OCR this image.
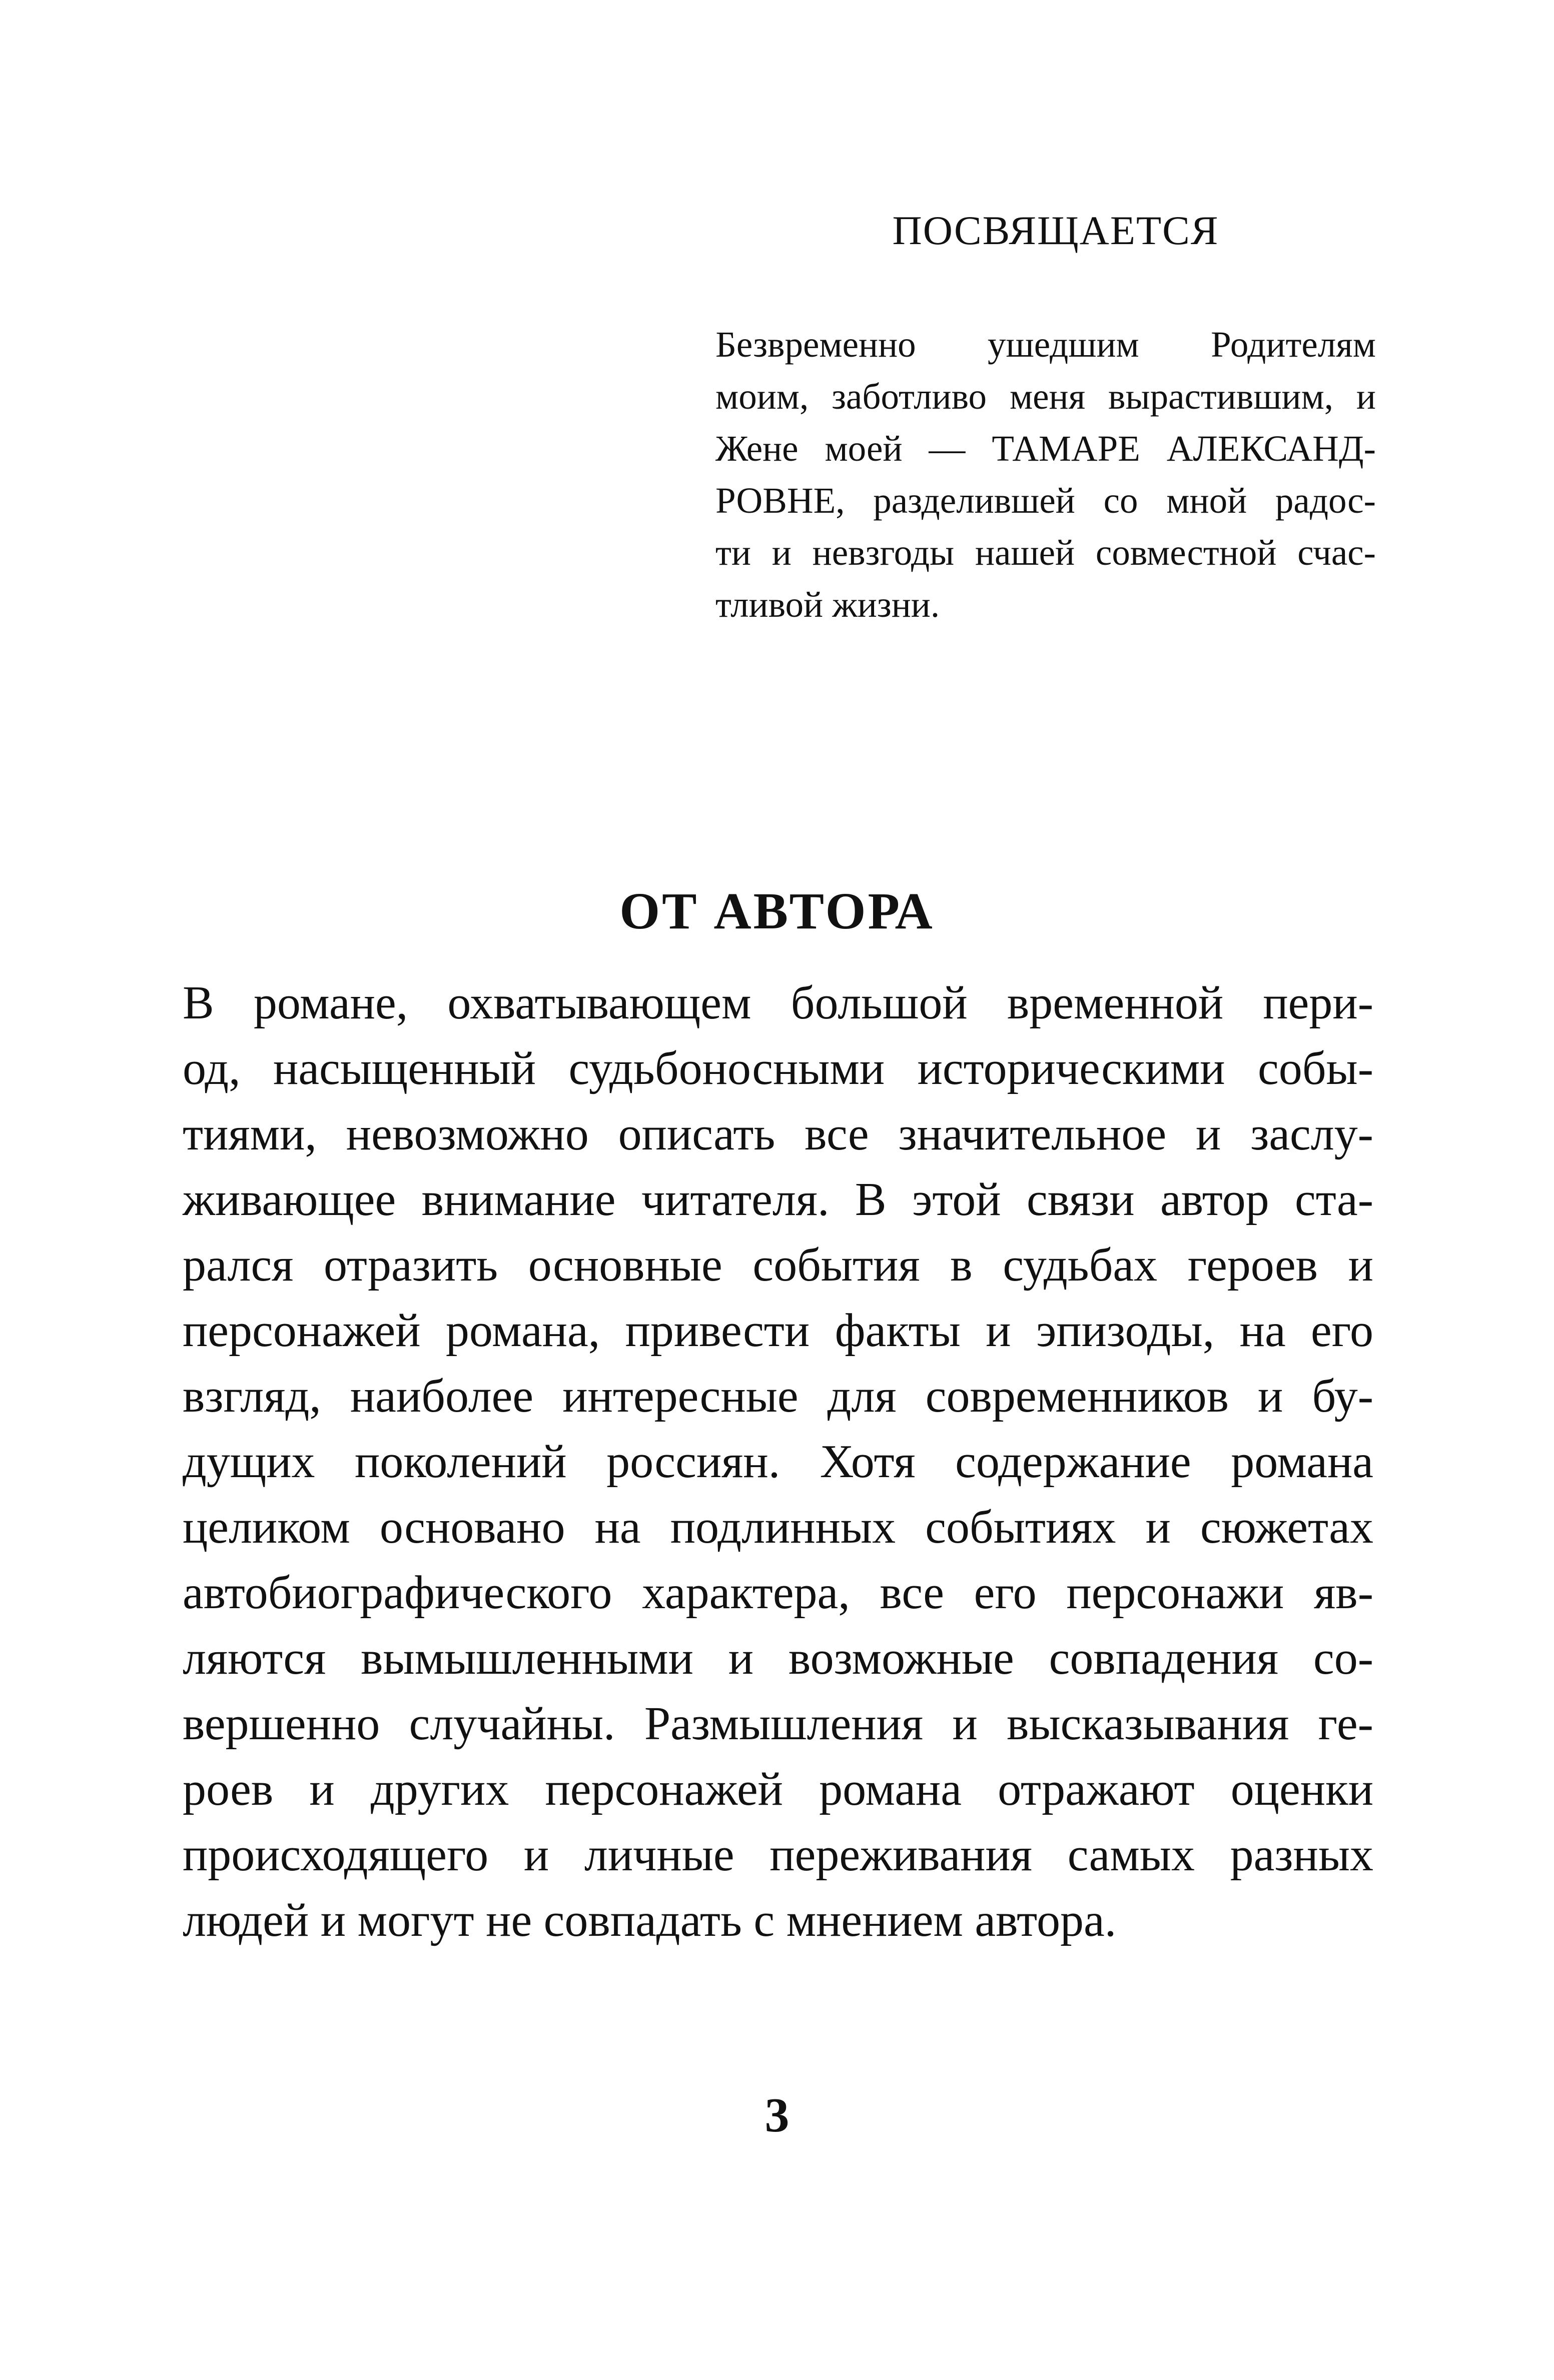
ПОСВЯЩАЕТСЯ
Безвременно ушедшим Родителям
моим, заботливо меня вырастившим, и
Жене моей — ТАМАРЕ АЛЕКСАНД-
РОВНЕ, разделившей со мной радос-
ти и невзгоды нашей совместной счас-
тливой жизни.
ОТ АВТОРА
В романе, охватывающем большой временной пери-
од, насыщенный судьбоносными историческими собы-
тиями, невозможно описать все значительное и заслу-
живающее внимание читателя. В этой связи автор ста-
рался отразить основные события в судьбах героев и
персонажей романа, привести факты и эпизоды, на его
взгляд, наиболее интересные для современников и бу-
дущих поколений россиян. Хотя содержание романа
целиком основано на подлинных событиях и сюжетах
автобиографического характера, все его персонажи яв-
ляются вымышленными и возможные совпадения со-
вершенно случайны. Размышления и высказывания ге-
роев и других персонажей романа отражают оценки
происходящего и личные переживания самых разных
людей и могут не совпадать с мнением автора.
3
